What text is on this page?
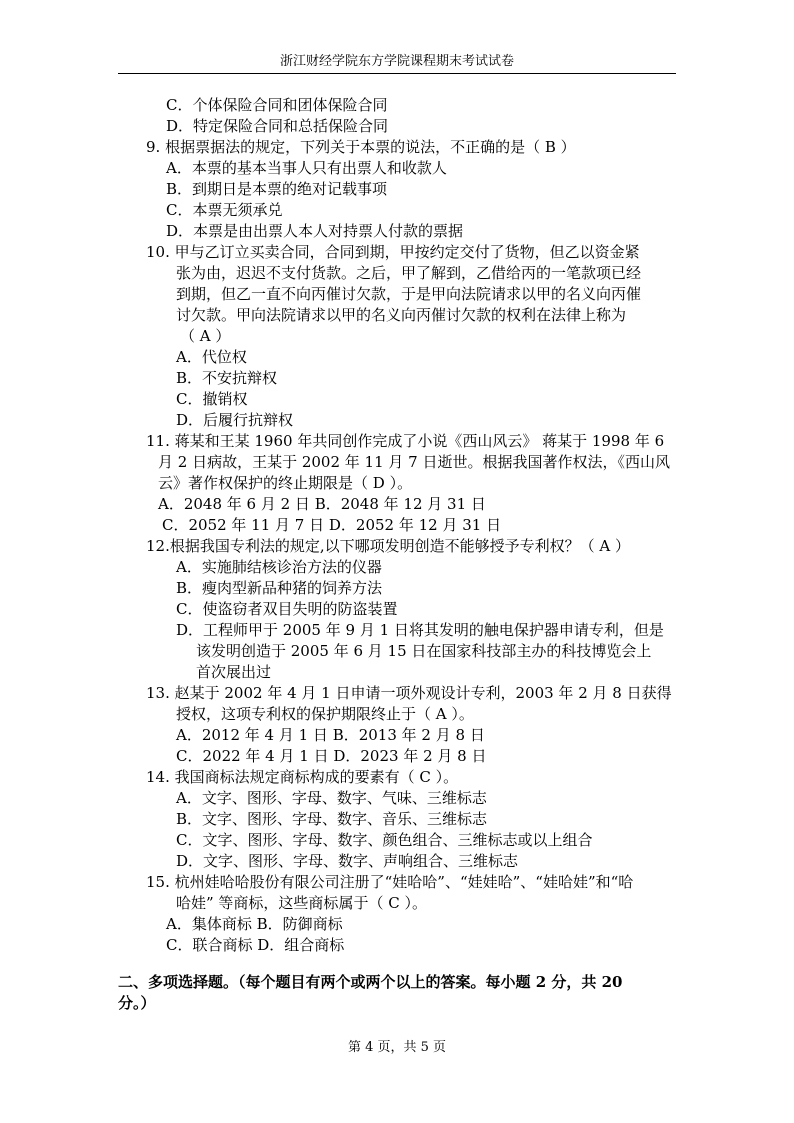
浙江财经学院东方学院课程期末考试试卷
C．个体保险合同和团体保险合同
D．特定保险合同和总括保险合同
9. 根据票据法的规定，下列关于本票的说法，不正确的是（ B ）
A．本票的基本当事人只有出票人和收款人
B．到期日是本票的绝对记载事项
C．本票无须承兑
D．本票是由出票人本人对持票人付款的票据
10. 甲与乙订立买卖合同，合同到期，甲按约定交付了货物，但乙以资金紧
张为由，迟迟不支付货款。之后，甲了解到，乙借给丙的一笔款项已经
到期，但乙一直不向丙催讨欠款，于是甲向法院请求以甲的名义向丙催
讨欠款。甲向法院请求以甲的名义向丙催讨欠款的权利在法律上称为
（ A ）
A．代位权
B．不安抗辩权
C．撤销权
D．后履行抗辩权
11. 蒋某和王某 1960 年共同创作完成了小说《西山风云》 蒋某于 1998 年 6
月 2 日病故，王某于 2002 年 11 月 7 日逝世。根据我国著作权法，《西山风
云》著作权保护的终止期限是（ D ）。
A．2048 年 6 月 2 日 B．2048 年 12 月 31 日
C．2052 年 11 月 7 日 D．2052 年 12 月 31 日
12.根据我国专利法的规定,以下哪项发明创造不能够授予专利权？（ A ）
A．实施肺结核诊治方法的仪器
B．瘦肉型新品种猪的饲养方法
C．使盗窃者双目失明的防盗装置
D．工程师甲于 2005 年 9 月 1 日将其发明的触电保护器申请专利，但是
该发明创造于 2005 年 6 月 15 日在国家科技部主办的科技博览会上
首次展出过
13. 赵某于 2002 年 4 月 1 日申请一项外观设计专利，2003 年 2 月 8 日获得
授权，这项专利权的保护期限终止于（ A ）。
A．2012 年 4 月 1 日 B．2013 年 2 月 8 日
C．2022 年 4 月 1 日 D．2023 年 2 月 8 日
14. 我国商标法规定商标构成的要素有（ C ）。
A．文字、图形、字母、数字、气味、三维标志
B．文字、图形、字母、数字、音乐、三维标志
C．文字、图形、字母、数字、颜色组合、三维标志或以上组合
D．文字、图形、字母、数字、声响组合、三维标志
15. 杭州娃哈哈股份有限公司注册了“娃哈哈”、“娃娃哈”、“娃哈娃”和“哈
哈娃” 等商标，这些商标属于（ C ）。
A．集体商标 B．防御商标
C．联合商标 D．组合商标
二、多项选择题。（每个题目有两个或两个以上的答案。每小题 2 分，共 20
分。）
第 4 页，共 5 页
